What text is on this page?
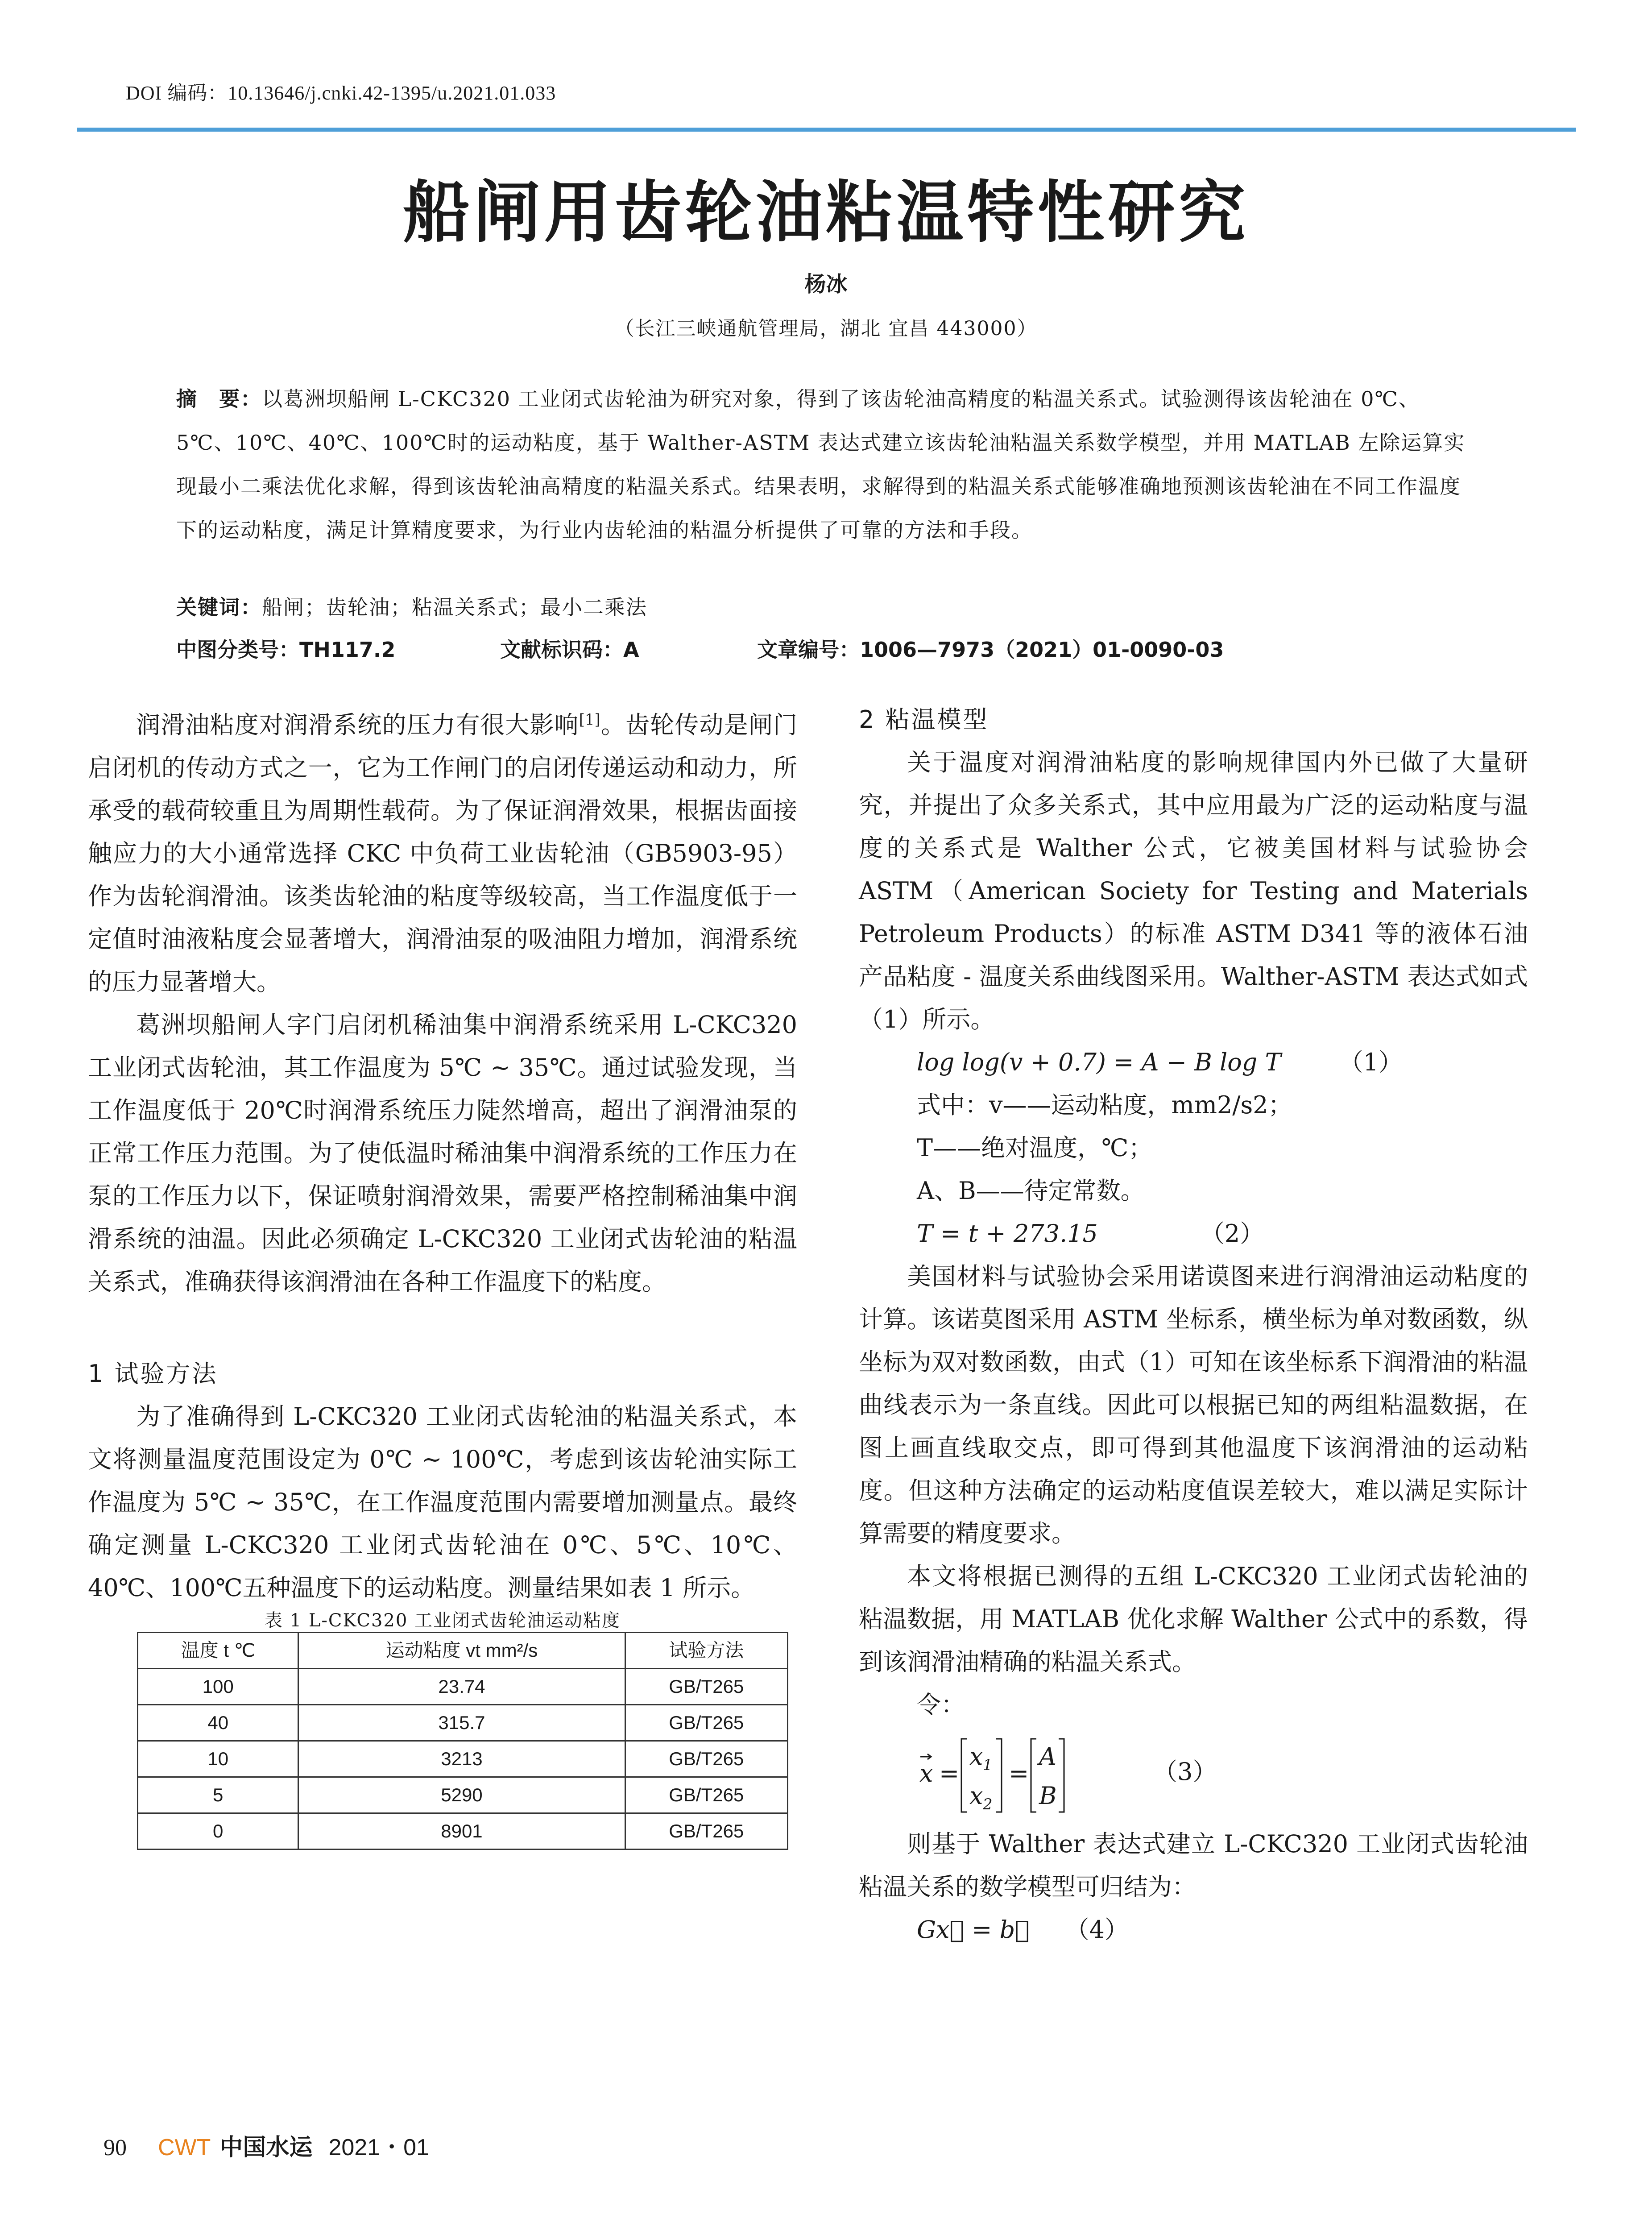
DOI 编码：10.13646/j.cnki.42-1395/u.2021.01.033
船闸用齿轮油粘温特性研究
杨冰
（长江三峡通航管理局，湖北 宜昌 443000）
摘　要：以葛洲坝船闸 L-CKC320 工业闭式齿轮油为研究对象，得到了该齿轮油高精度的粘温关系式。试验测得该齿轮油在 0℃、5℃、10℃、40℃、100℃时的运动粘度，基于 Walther-ASTM 表达式建立该齿轮油粘温关系数学模型，并用 MATLAB 左除运算实现最小二乘法优化求解，得到该齿轮油高精度的粘温关系式。结果表明，求解得到的粘温关系式能够准确地预测该齿轮油在不同工作温度下的运动粘度，满足计算精度要求，为行业内齿轮油的粘温分析提供了可靠的方法和手段。
关键词：船闸；齿轮油；粘温关系式；最小二乘法
中图分类号：TH117.2	文献标识码：A	文章编号：1006—7973（2021）01-0090-03

润滑油粘度对润滑系统的压力有很大影响[1]。齿轮传动是闸门启闭机的传动方式之一，它为工作闸门的启闭传递运动和动力，所承受的载荷较重且为周期性载荷。为了保证润滑效果，根据齿面接触应力的大小通常选择 CKC 中负荷工业齿轮油（GB5903-95）作为齿轮润滑油。该类齿轮油的粘度等级较高，当工作温度低于一定值时油液粘度会显著增大，润滑油泵的吸油阻力增加，润滑系统的压力显著增大。

葛洲坝船闸人字门启闭机稀油集中润滑系统采用 L-CKC320 工业闭式齿轮油，其工作温度为 5℃ ~ 35℃。通过试验发现，当工作温度低于 20℃时润滑系统压力陡然增高，超出了润滑油泵的正常工作压力范围。为了使低温时稀油集中润滑系统的工作压力在泵的工作压力以下，保证喷射润滑效果，需要严格控制稀油集中润滑系统的油温。因此必须确定 L-CKC320 工业闭式齿轮油的粘温关系式，准确获得该润滑油在各种工作温度下的粘度。

1 试验方法

为了准确得到 L-CKC320 工业闭式齿轮油的粘温关系式，本文将测量温度范围设定为 0℃ ~ 100℃，考虑到该齿轮油实际工作温度为 5℃ ~ 35℃，在工作温度范围内需要增加测量点。最终确定测量 L-CKC320 工业闭式齿轮油在 0℃、5℃、10℃、40℃、100℃五种温度下的运动粘度。测量结果如表 1 所示。

表 1 L-CKC320 工业闭式齿轮油运动粘度

温度 t ℃	运动粘度 vt mm²/s	试验方法
100	23.74	GB/T265
40	315.7	GB/T265
10	3213	GB/T265
5	5290	GB/T265
0	8901	GB/T265

2 粘温模型

关于温度对润滑油粘度的影响规律国内外已做了大量研究，并提出了众多关系式，其中应用最为广泛的运动粘度与温度的关系式是 Walther 公式，它被美国材料与试验协会 ASTM（American Society for Testing and Materials Petroleum Products）的标准 ASTM D341 等的液体石油产品粘度 - 温度关系曲线图采用。Walther-ASTM 表达式如式（1）所示。

log log(v + 0.7) = A − B log T （1）

式中：v——运动粘度，mm2/s2；

T——绝对温度，℃；

A、B——待定常数。

T = t + 273.15	（2）

美国材料与试验协会采用诺谟图来进行润滑油运动粘度的计算。该诺莫图采用 ASTM 坐标系，横坐标为单对数函数，纵坐标为双对数函数，由式（1）可知在该坐标系下润滑油的粘温曲线表示为一条直线。因此可以根据已知的两组粘温数据，在图上画直线取交点，即可得到其他温度下该润滑油的运动粘度。但这种方法确定的运动粘度值误差较大，难以满足实际计算需要的精度要求。

本文将根据已测得的五组 L-CKC320 工业闭式齿轮油的粘温数据，用 MATLAB 优化求解 Walther 公式中的系数，得到该润滑油精确的粘温关系式。

令：

x =
x 1
x 2
=
A
B
（3）

则基于 Walther 表达式建立 L-CKC320 工业闭式齿轮油粘温关系的数学模型可归结为：

Gx⃗ = b⃗ （4）

90 CWT 中国水运 2021・01
